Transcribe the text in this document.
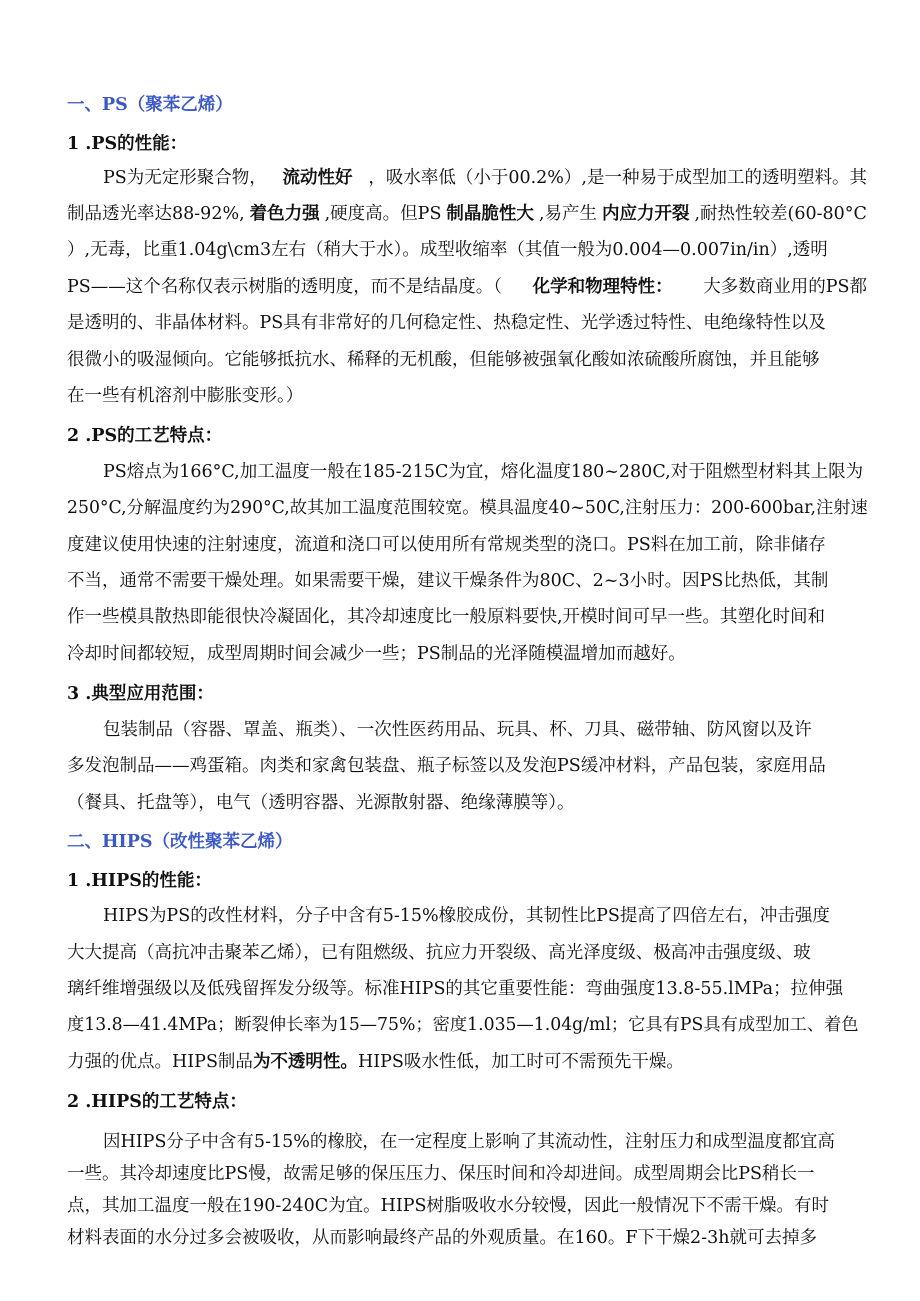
一、PS（聚苯乙烯）
1 .PS的性能：
PS为无定形聚合物， 流动性好 ，吸水率低（小于00.2%）,是一种易于成型加工的透明塑料。其
制品透光率达88-92%, 着色力强 ,硬度高。但PS 制晶脆性大 ,易产生 内应力开裂 ,耐热性较差(60-80°C
）,无毒，比重1.04g\cm3左右（稍大于水）。成型收缩率（其值一般为0.004—0.007in/in）,透明
PS——这个名称仅表示树脂的透明度，而不是结晶度。（ 化学和物理特性： 大多数商业用的PS都
是透明的、非晶体材料。PS具有非常好的几何稳定性、热稳定性、光学透过特性、电绝缘特性以及
很微小的吸湿倾向。它能够抵抗水、稀释的无机酸，但能够被强氧化酸如浓硫酸所腐蚀，并且能够
在一些有机溶剂中膨胀变形。）
2 .PS的工艺特点：
PS熔点为166°C,加工温度一般在185-215C为宜，熔化温度180~280C,对于阻燃型材料其上限为
250°C,分解温度约为290°C,故其加工温度范围较宽。模具温度40~50C,注射压力：200-600bar,注射速
度建议使用快速的注射速度，流道和浇口可以使用所有常规类型的浇口。PS料在加工前，除非储存
不当，通常不需要干燥处理。如果需要干燥，建议干燥条件为80C、2~3小时。因PS比热低，其制
作一些模具散热即能很快冷凝固化，其冷却速度比一般原料要快,开模时间可早一些。其塑化时间和
冷却时间都较短，成型周期时间会减少一些；PS制品的光泽随模温增加而越好。
3 .典型应用范围：
包装制品（容器、罩盖、瓶类）、一次性医药用品、玩具、杯、刀具、磁带轴、防风窗以及许
多发泡制品——鸡蛋箱。肉类和家禽包装盘、瓶子标签以及发泡PS缓冲材料，产品包装，家庭用品
（餐具、托盘等），电气（透明容器、光源散射器、绝缘薄膜等）。
二、HIPS（改性聚苯乙烯）
1 .HIPS的性能：
HIPS为PS的改性材料，分子中含有5-15%橡胶成份，其韧性比PS提高了四倍左右，冲击强度
大大提高（高抗冲击聚苯乙烯），已有阻燃级、抗应力开裂级、高光泽度级、极高冲击强度级、玻
璃纤维增强级以及低残留挥发分级等。标准HIPS的其它重要性能：弯曲强度13.8-55.lMPa；拉伸强
度13.8—41.4MPa；断裂伸长率为15—75%；密度1.035—1.04g/ml；它具有PS具有成型加工、着色
力强的优点。HIPS制品为不透明性。HIPS吸水性低，加工时可不需预先干燥。
2 .HIPS的工艺特点：
因HIPS分子中含有5-15%的橡胶，在一定程度上影响了其流动性，注射压力和成型温度都宜高
一些。其冷却速度比PS慢，故需足够的保压压力、保压时间和冷却进间。成型周期会比PS稍长一
点，其加工温度一般在190-240C为宜。HIPS树脂吸收水分较慢，因此一般情况下不需干燥。有时
材料表面的水分过多会被吸收，从而影响最终产品的外观质量。在160。F下干燥2-3h就可去掉多
